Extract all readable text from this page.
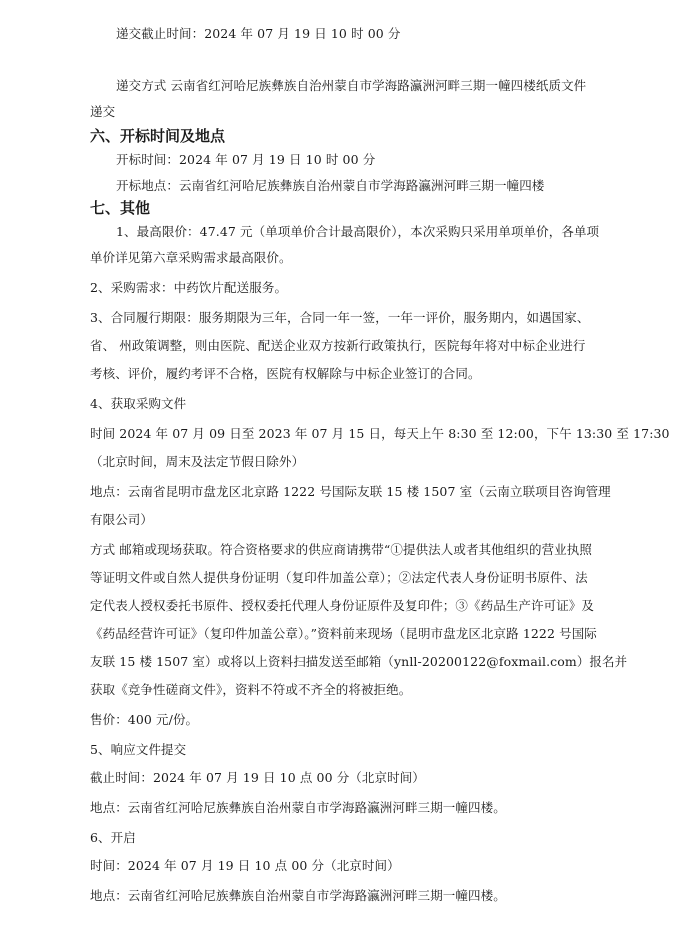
递交截止时间：2024 年 07 月 19 日 10 时 00 分
递交方式 云南省红河哈尼族彝族自治州蒙自市学海路瀛洲河畔三期一幢四楼纸质文件
递交
六、开标时间及地点
开标时间：2024 年 07 月 19 日 10 时 00 分
开标地点：云南省红河哈尼族彝族自治州蒙自市学海路瀛洲河畔三期一幢四楼
七、其他
1、最高限价：47.47 元（单项单价合计最高限价），本次采购只采用单项单价，各单项
单价详见第六章采购需求最高限价。
2、采购需求：中药饮片配送服务。
3、合同履行期限：服务期限为三年，合同一年一签，一年一评价，服务期内，如遇国家、
省、 州政策调整，则由医院、配送企业双方按新行政策执行，医院每年将对中标企业进行
考核、评价，履约考评不合格，医院有权解除与中标企业签订的合同。
4、获取采购文件
时间 2024 年 07 月 09 日至 2023 年 07 月 15 日，每天上午 8:30 至 12:00，下午 13:30 至 17:30
（北京时间，周末及法定节假日除外）
地点：云南省昆明市盘龙区北京路 1222 号国际友联 15 楼 1507 室（云南立联项目咨询管理
有限公司）
方式 邮箱或现场获取。符合资格要求的供应商请携带“①提供法人或者其他组织的营业执照
等证明文件或自然人提供身份证明（复印件加盖公章）；②法定代表人身份证明书原件、法
定代表人授权委托书原件、授权委托代理人身份证原件及复印件；③《药品生产许可证》及
《药品经营许可证》（复印件加盖公章）。”资料前来现场（昆明市盘龙区北京路 1222 号国际
友联 15 楼 1507 室）或将以上资料扫描发送至邮箱（ynll-20200122@foxmail.com）报名并
获取《竞争性磋商文件》，资料不符或不齐全的将被拒绝。
售价：400 元/份。
5、响应文件提交
截止时间：2024 年 07 月 19 日 10 点 00 分（北京时间）
地点：云南省红河哈尼族彝族自治州蒙自市学海路瀛洲河畔三期一幢四楼。
6、开启
时间：2024 年 07 月 19 日 10 点 00 分（北京时间）
地点：云南省红河哈尼族彝族自治州蒙自市学海路瀛洲河畔三期一幢四楼。
